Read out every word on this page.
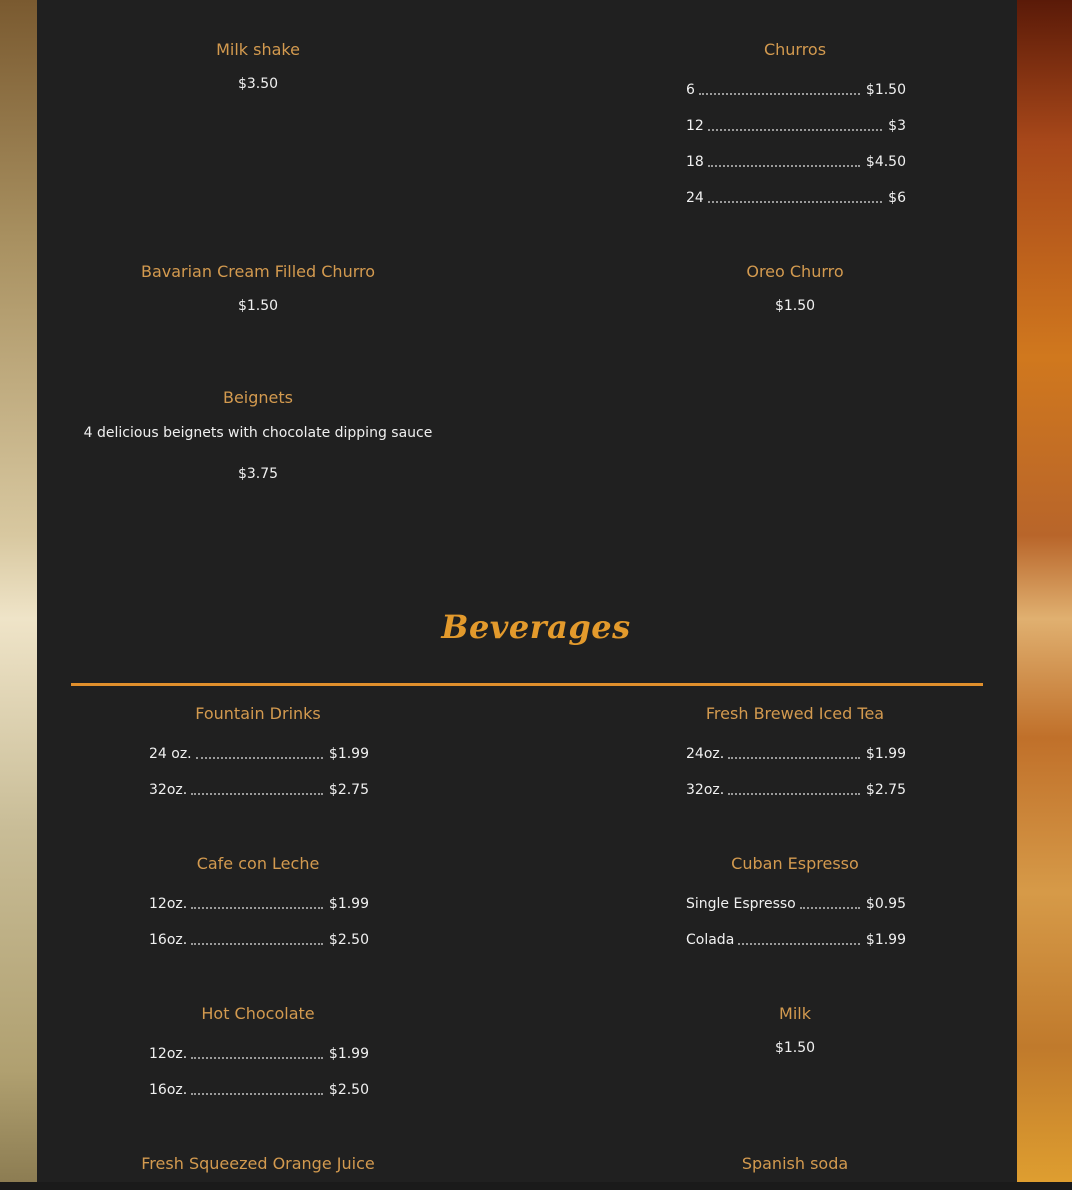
Milk shake
$3.50
Churros
6	$1.50
12	$3
18	$4.50
24	$6
Bavarian Cream Filled Churro
$1.50
Oreo Churro
$1.50
Beignets
4 delicious beignets with chocolate dipping sauce
$3.75
Beverages
Fountain Drinks
24 oz.	$1.99
32oz.	$2.75
Fresh Brewed Iced Tea
24oz.	$1.99
32oz.	$2.75
Cafe con Leche
12oz.	$1.99
16oz.	$2.50
Cuban Espresso
Single Espresso	$0.95
Colada	$1.99
Hot Chocolate
12oz.	$1.99
16oz.	$2.50
Milk
$1.50
Fresh Squeezed Orange Juice	Spanish soda
